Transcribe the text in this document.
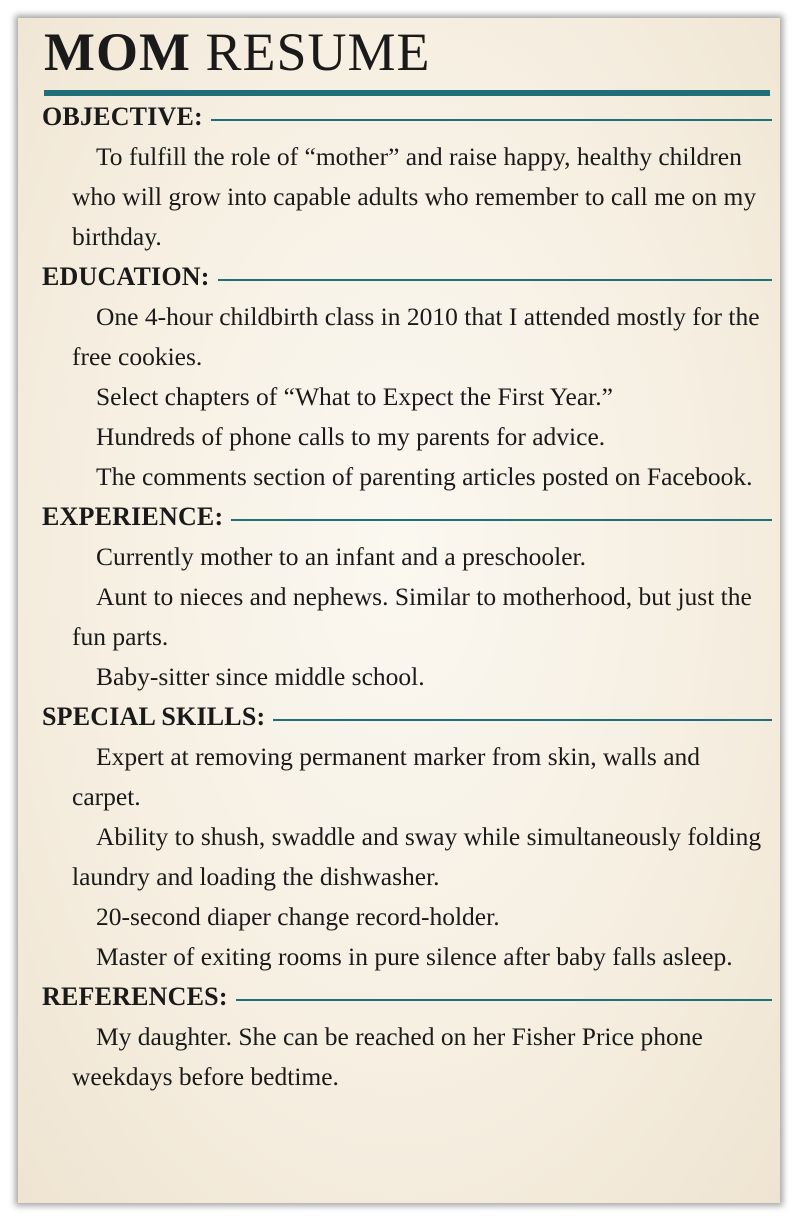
MOM RESUME
OBJECTIVE:

To fulfill the role of “mother” and raise happy, healthy children who will grow into capable adults who remember to call me on my birthday.

EDUCATION:

One 4-hour childbirth class in 2010 that I attended mostly for the free cookies.

Select chapters of “What to Expect the First Year.”

Hundreds of phone calls to my parents for advice.

The comments section of parenting articles posted on Facebook.

EXPERIENCE:

Currently mother to an infant and a preschooler.

Aunt to nieces and nephews. Similar to motherhood, but just the fun parts.

Baby-sitter since middle school.

SPECIAL SKILLS:

Expert at removing permanent marker from skin, walls and carpet.

Ability to shush, swaddle and sway while simultaneously folding laundry and loading the dishwasher.

20-second diaper change record-holder.

Master of exiting rooms in pure silence after baby falls asleep.

REFERENCES:

My daughter. She can be reached on her Fisher Price phone weekdays before bedtime.
